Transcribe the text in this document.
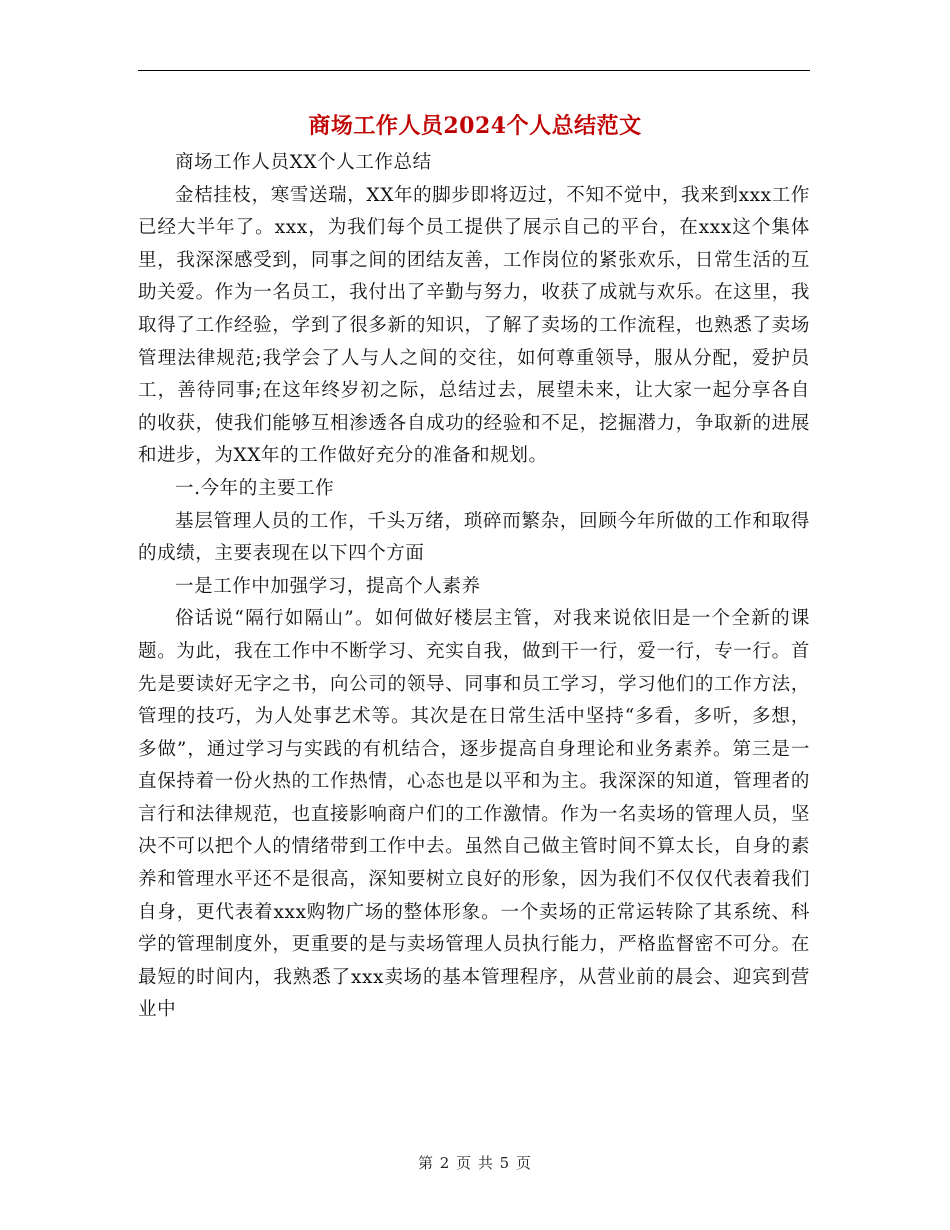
商场工作人员2024个人总结范文

商场工作人员XX个人工作总结

金桔挂枝，寒雪送瑞，XX年的脚步即将迈过，不知不觉中，我来到xxx工作已经大半年了。xxx，为我们每个员工提供了展示自己的平台，在xxx这个集体里，我深深感受到，同事之间的团结友善，工作岗位的紧张欢乐，日常生活的互助关爱。作为一名员工，我付出了辛勤与努力，收获了成就与欢乐。在这里，我取得了工作经验，学到了很多新的知识，了解了卖场的工作流程，也熟悉了卖场管理法律规范;我学会了人与人之间的交往，如何尊重领导，服从分配，爱护员工，善待同事;在这年终岁初之际，总结过去，展望未来，让大家一起分享各自的收获，使我们能够互相渗透各自成功的经验和不足，挖掘潜力，争取新的进展和进步，为XX年的工作做好充分的准备和规划。

一.今年的主要工作

基层管理人员的工作，千头万绪，琐碎而繁杂，回顾今年所做的工作和取得的成绩，主要表现在以下四个方面

一是工作中加强学习，提高个人素养

俗话说“隔行如隔山”。如何做好楼层主管，对我来说依旧是一个全新的课题。为此，我在工作中不断学习、充实自我，做到干一行，爱一行，专一行。首先是要读好无字之书，向公司的领导、同事和员工学习，学习他们的工作方法，管理的技巧，为人处事艺术等。其次是在日常生活中坚持“多看，多听，多想，多做”，通过学习与实践的有机结合，逐步提高自身理论和业务素养。第三是一直保持着一份火热的工作热情，心态也是以平和为主。我深深的知道，管理者的言行和法律规范，也直接影响商户们的工作激情。作为一名卖场的管理人员，坚决不可以把个人的情绪带到工作中去。虽然自己做主管时间不算太长，自身的素养和管理水平还不是很高，深知要树立良好的形象，因为我们不仅仅代表着我们自身，更代表着xxx购物广场的整体形象。一个卖场的正常运转除了其系统、科学的管理制度外，更重要的是与卖场管理人员执行能力，严格监督密不可分。在最短的时间内，我熟悉了xxx卖场的基本管理程序，从营业前的晨会、迎宾到营业中

第 2 页 共 5 页
